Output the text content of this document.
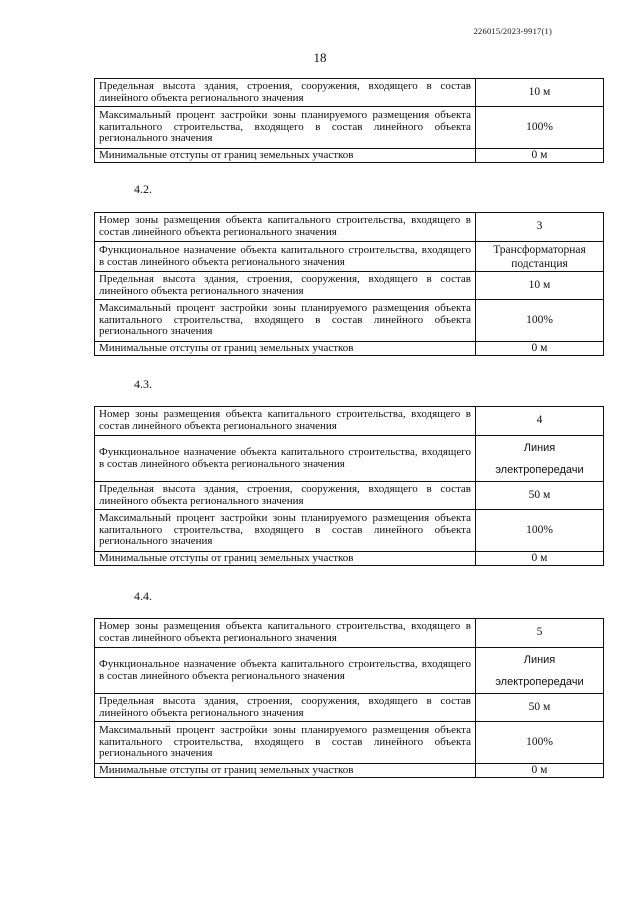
226015/2023-9917(1)
18
Предельная высота здания, строения, сооружения, входящего в состав линейного объекта регионального значения	10 м
Максимальный процент застройки зоны планируемого размещения объекта капитального строительства, входящего в состав линейного объекта регионального значения	100%
Минимальные отступы от границ земельных участков	0 м
4.2.
Номер зоны размещения объекта капитального строительства, входящего в состав линейного объекта регионального значения	3
Функциональное назначение объекта капитального строительства, входящего в состав линейного объекта регионального значения	Трансформаторная подстанция
Предельная высота здания, строения, сооружения, входящего в состав линейного объекта регионального значения	10 м
Максимальный процент застройки зоны планируемого размещения объекта капитального строительства, входящего в состав линейного объекта регионального значения	100%
Минимальные отступы от границ земельных участков	0 м
4.3.
Номер зоны размещения объекта капитального строительства, входящего в состав линейного объекта регионального значения	4
Функциональное назначение объекта капитального строительства, входящего в состав линейного объекта регионального значения	Линия электропередачи
Предельная высота здания, строения, сооружения, входящего в состав линейного объекта регионального значения	50 м
Максимальный процент застройки зоны планируемого размещения объекта капитального строительства, входящего в состав линейного объекта регионального значения	100%
Минимальные отступы от границ земельных участков	0 м
4.4.
Номер зоны размещения объекта капитального строительства, входящего в состав линейного объекта регионального значения	5
Функциональное назначение объекта капитального строительства, входящего в состав линейного объекта регионального значения	Линия электропередачи
Предельная высота здания, строения, сооружения, входящего в состав линейного объекта регионального значения	50 м
Максимальный процент застройки зоны планируемого размещения объекта капитального строительства, входящего в состав линейного объекта регионального значения	100%
Минимальные отступы от границ земельных участков	0 м
